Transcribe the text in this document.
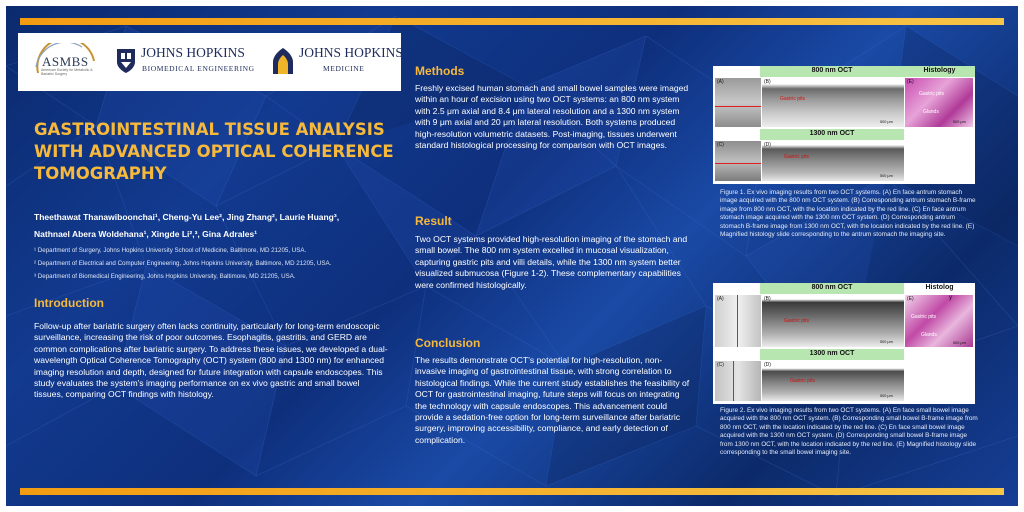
ASMBS
American Society for Metabolic & Bariatric Surgery
JOHNS HOPKINS
BIOMEDICAL ENGINEERING
JOHNS HOPKINS
MEDICINE
GASTROINTESTINAL TISSUE ANALYSIS WITH ADVANCED OPTICAL COHERENCE TOMOGRAPHY
Theethawat Thanawiboonchai¹, Cheng-Yu Lee², Jing Zhang², Laurie Huang³,
Nathnael Abera Woldehana¹, Xingde Li²,³, Gina Adrales¹
¹ Department of Surgery, Johns Hopkins University School of Medicine, Baltimore, MD 21205, USA.
² Department of Electrical and Computer Engineering, Johns Hopkins University, Baltimore, MD 21205, USA.
³ Department of Biomedical Engineering, Johns Hopkins University, Baltimore, MD 21205, USA.
Introduction
Follow-up after bariatric surgery often lacks continuity, particularly for long-term endoscopic surveillance, increasing the risk of poor outcomes. Esophagitis, gastritis, and GERD are common complications after bariatric surgery. To address these issues, we developed a dual-wavelength Optical Coherence Tomography (OCT) system (800 and 1300 nm) for enhanced imaging resolution and depth, designed for future integration with capsule endoscopes. This study evaluates the system's imaging performance on ex vivo gastric and small bowel tissues, comparing OCT findings with histology.
Methods
Freshly excised human stomach and small bowel samples were imaged within an hour of excision using two OCT systems: an 800 nm system with 2.5 μm axial and 8.4 μm lateral resolution and a 1300 nm system with 9 μm axial and 20 μm lateral resolution. Both systems produced high-resolution volumetric datasets. Post-imaging, tissues underwent standard histological processing for comparison with OCT images.
Result
Two OCT systems provided high-resolution imaging of the stomach and small bowel. The 800 nm system excelled in mucosal visualization, capturing gastric pits and villi details, while the 1300 nm system better visualized submucosa (Figure 1-2). These complementary capabilities were confirmed histologically.
Conclusion
The results demonstrate OCT's potential for high-resolution, non-invasive imaging of gastrointestinal tissue, with strong correlation to histological findings. While the current study establishes the feasibility of OCT for gastrointestinal imaging, future steps will focus on integrating the technology with capsule endoscopes. This advancement could provide a sedation-free option for long-term surveillance after bariatric surgery, improving accessibility, compliance, and early detection of complication.
800 nm OCT	Histology
(A)	(B)
Gastric pits
500 μm
(E)
Gastric pits
Glands
500 μm
1300 nm OCT
(C)	(D)
Gastric pits
500 μm
Figure 1. Ex vivo imaging results from two OCT systems. (A) En face antrum stomach image acquired with the 800 nm OCT system. (B) Corresponding antrum stomach B-frame image from 800 nm OCT, with the location indicated by the red line. (C) En face antrum stomach image acquired with the 1300 nm OCT system. (D) Corresponding antrum stomach B-frame image from 1300 nm OCT, with the location indicated by the red line. (E) Magnified histology slide corresponding to the antrum stomach the imaging site.
800 nm OCT	Histolog
(A)	(B)
Gastric pits
500 μm
(E)	y
Gastric pits
Glands
500 μm
1300 nm OCT
(C)	(D)
Gastric pits
500 μm
Figure 2. Ex vivo imaging results from two OCT systems. (A) En face small bowel image acquired with the 800 nm OCT system. (B) Corresponding small bowel B-frame image from 800 nm OCT, with the location indicated by the red line. (C) En face small bowel image acquired with the 1300 nm OCT system. (D) Corresponding small bowel B-frame image from 1300 nm OCT, with the location indicated by the red line. (E) Magnified histology slide corresponding to the small bowel imaging site.
